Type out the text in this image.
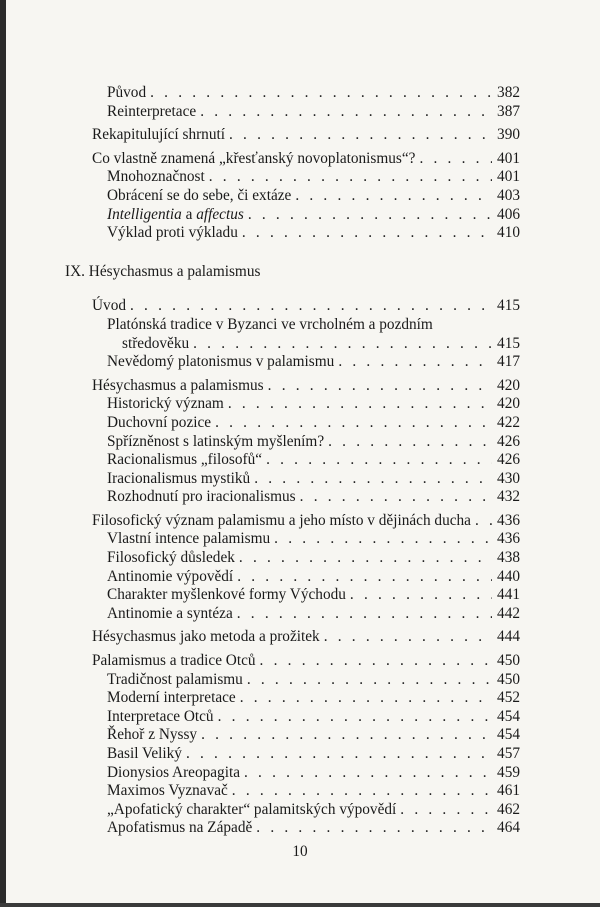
Původ . . .	382
Reinterpretace . . .	387
Rekapitulující shrnutí . . .	390
Co vlastně znamená „křesťanský novoplatonismus“? . . .	401
Mnohoznačnost . . .	401
Obrácení se do sebe, či extáze . . .	403
Intelligentia a affectus . . .	406
Výklad proti výkladu . . .	410
IX. Hésychasmus a palamismus
Úvod . . .	415
Platónská tradice v Byzanci ve vrcholném a pozdním
středověku . . .	415
Nevědomý platonismus v palamismu . . .	417
Hésychasmus a palamismus . . .	420
Historický význam . . .	420
Duchovní pozice . . .	422
Spřízněnost s latinským myšlením? . . .	426
Racionalismus „filosofů“ . . .	426
Iracionalismus mystiků . . .	430
Rozhodnutí pro iracionalismus . . .	432
Filosofický význam palamismu a jeho místo v dějinách ducha . . . 436
Vlastní intence palamismu . . .	436
Filosofický důsledek . . .	438
Antinomie výpovědí . . .	440
Charakter myšlenkové formy Východu . . .	441
Antinomie a syntéza . . .	442
Hésychasmus jako metoda a prožitek . . .	444
Palamismus a tradice Otců . . .	450
Tradičnost palamismu . . .	450
Moderní interpretace . . .	452
Interpretace Otců . . .	454
Řehoř z Nyssy . . .	454
Basil Veliký . . .	457
Dionysios Areopagita . . .	459
Maximos Vyznavač . . .	461
„Apofatický charakter“ palamitských výpovědí . . .	462
Apofatismus na Západě . . .	464
10
